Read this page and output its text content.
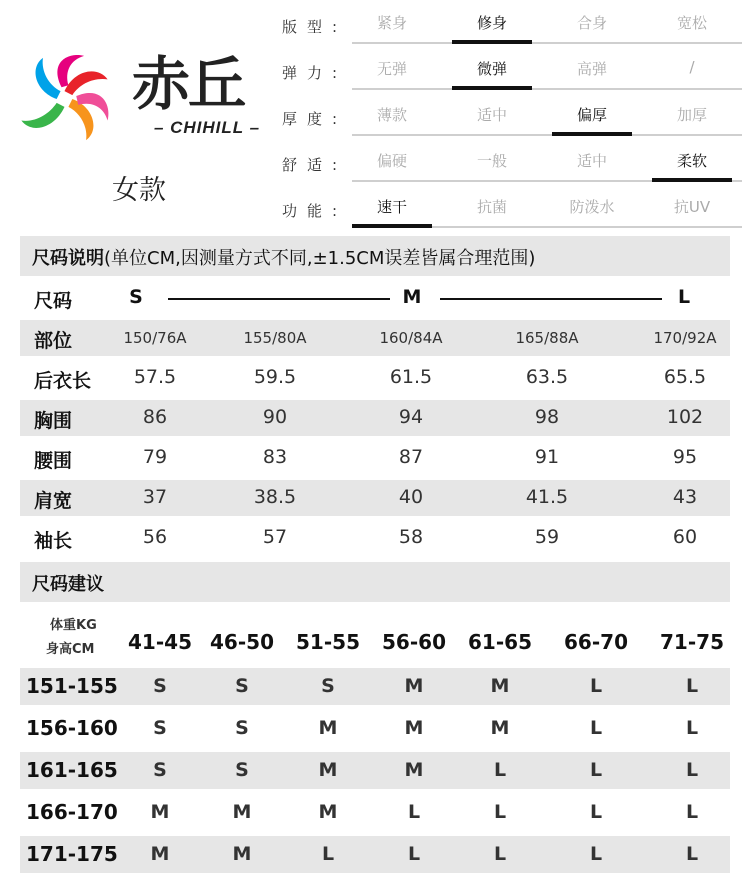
赤丘
– CHIHILL –
女款
版型:	紧身	修身	合身	宽松
弹力:	无弹	微弹	高弹	/
厚度:	薄款	适中	偏厚	加厚
舒适:	偏硬	一般	适中	柔软
功能:	速干	抗菌	防泼水	抗UV
尺码说明(单位CM,因测量方式不同,±1.5CM误差皆属合理范围)
尺码	S	M	L
部位	150/76A	155/80A	160/84A	165/88A	170/92A
后衣长	57.5	59.5	61.5	63.5	65.5
胸围	86	90	94	98	102
腰围	79	83	87	91	95
肩宽	37	38.5	40	41.5	43
袖长	56	57	58	59	60
尺码建议
体重KG
身高CM	41-45 46-50	51-55	56-60	61-65	66-70	71-75
151-155	S	S	S	M	M	L	L
156-160	S	S	M	M	M	L	L
161-165	S	S	M	M	L	L	L
166-170	M	M	M	L	L	L	L
171-175	M	M	L	L	L	L	L
